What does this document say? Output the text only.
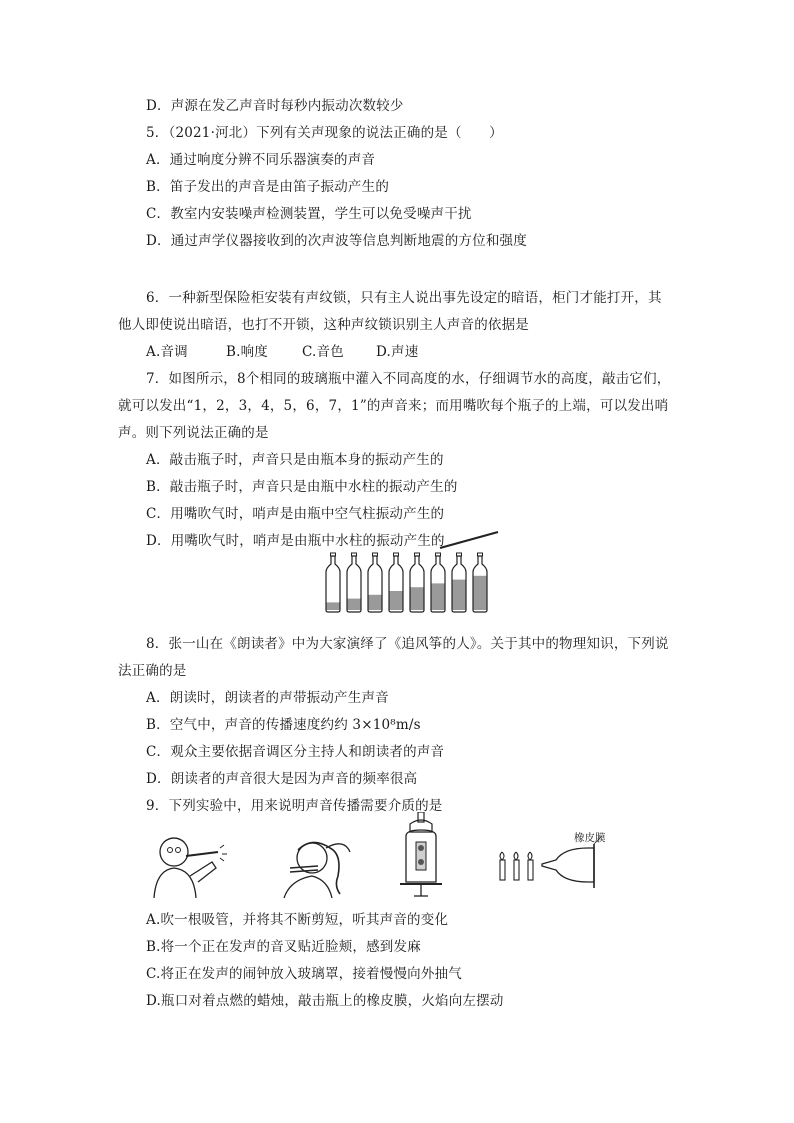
D．声源在发乙声音时每秒内振动次数较少
5．（2021·河北）下列有关声现象的说法正确的是（　　）
A．通过响度分辨不同乐器演奏的声音
B．笛子发出的声音是由笛子振动产生的
C．教室内安装噪声检测装置，学生可以免受噪声干扰
D．通过声学仪器接收到的次声波等信息判断地震的方位和强度
6．一种新型保险柜安装有声纹锁，只有主人说出事先设定的暗语，柜门才能打开，其
他人即使说出暗语，也打不开锁，这种声纹锁识别主人声音的依据是
A.音调	B.响度	C.音色 D.声速
7．如图所示，8个相同的玻璃瓶中灌入不同高度的水，仔细调节水的高度，敲击它们，
就可以发出“1，2，3，4，5，6，7，1”的声音来；而用嘴吹每个瓶子的上端，可以发出哨
声。则下列说法正确的是
A．敲击瓶子时，声音只是由瓶本身的振动产生的
B．敲击瓶子时，声音只是由瓶中水柱的振动产生的
C．用嘴吹气时，哨声是由瓶中空气柱振动产生的
D．用嘴吹气时，哨声是由瓶中水柱的振动产生的
8．张一山在《朗读者》中为大家演绎了《追风筝的人》。关于其中的物理知识，下列说
法正确的是
A．朗读时，朗读者的声带振动产生声音
B．空气中，声音的传播速度约约 3×10⁸m/s
C．观众主要依据音调区分主持人和朗读者的声音
D．朗读者的声音很大是因为声音的频率很高
9．下列实验中，用来说明声音传播需要介质的是
橡皮膜
A.吹一根吸管，并将其不断剪短，听其声音的变化
B.将一个正在发声的音叉贴近脸颊，感到发麻
C.将正在发声的闹钟放入玻璃罩，接着慢慢向外抽气
D.瓶口对着点燃的蜡烛，敲击瓶上的橡皮膜，火焰向左摆动
